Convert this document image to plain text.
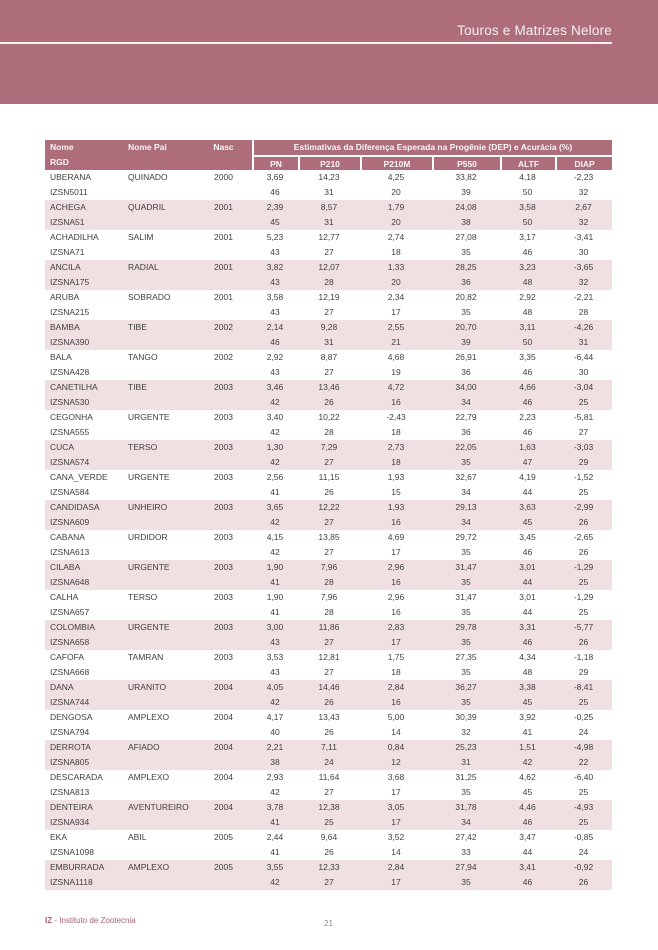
Touros e Matrizes Nelore
Nome	Nome Pai	Nasc	Estimativas da Diferença Esperada na Progênie (DEP) e Acurácia (%)
RGD	PN	P210	P210M	P550	ALTF	DIAP
UBERANA	QUINADO	2000	3,69	14,23	4,25	33,82	4,18	-2,23
IZSN5011	46	31	20	39	50	32
ACHEGA	QUADRIL	2001	2,39	8,57	1,79	24,08	3,58	2,67
IZSNA51	45	31	20	38	50	32
ACHADILHA	SALIM	2001	5,23	12,77	2,74	27,08	3,17	-3,41
IZSNA71	43	27	18	35	46	30
ANCILA	RADIAL	2001	3,82	12,07	1,33	28,25	3,23	-3,65
IZSNA175	43	28	20	36	48	32
ARUBA	SOBRADO	2001	3,58	12,19	2,34	20,82	2,92	-2,21
IZSNA215	43	27	17	35	48	28
BAMBA	TIBE	2002	2,14	9,28	2,55	20,70	3,11	-4,26
IZSNA390	46	31	21	39	50	31
BALA	TANGO	2002	2,92	8,87	4,68	26,91	3,35	-6,44
IZSNA428	43	27	19	36	46	30
CANETILHA	TIBE	2003	3,46	13,46	4,72	34,00	4,66	-3,04
IZSNA530	42	26	16	34	46	25
CEGONHA	URGENTE	2003	3,40	10,22	-2,43	22,79	2,23	-5,81
IZSNA555	42	28	18	36	46	27
CUCA	TERSO	2003	1,30	7,29	2,73	22,05	1,63	-3,03
IZSNA574	42	27	18	35	47	29
CANA_VERDE	URGENTE	2003	2,56	11,15	1,93	32,67	4,19	-1,52
IZSNA584	41	26	15	34	44	25
CANDIDASA	UNHEIRO	2003	3,65	12,22	1,93	29,13	3,63	-2,99
IZSNA609	42	27	16	34	45	26
CABANA	URDIDOR	2003	4,15	13,85	4,69	29,72	3,45	-2,65
IZSNA613	42	27	17	35	46	26
CILABA	URGENTE	2003	1,90	7,96	2,96	31,47	3,01	-1,29
IZSNA648	41	28	16	35	44	25
CALHA	TERSO	2003	1,90	7,96	2,96	31,47	3,01	-1,29
IZSNA657	41	28	16	35	44	25
COLOMBIA	URGENTE	2003	3,00	11,86	2,83	29,78	3,31	-5,77
IZSNA658	43	27	17	35	46	26
CAFOFA	TAMRAN	2003	3,53	12,81	1,75	27,35	4,34	-1,18
IZSNA668	43	27	18	35	48	29
DANA	URANITO	2004	4,05	14,46	2,84	36,27	3,38	-8,41
IZSNA744	42	26	16	35	45	25
DENGOSA	AMPLEXO	2004	4,17	13,43	5,00	30,39	3,92	-0,25
IZSNA794	40	26	14	32	41	24
DERROTA	AFIADO	2004	2,21	7,11	0,84	25,23	1,51	-4,98
IZSNA805	38	24	12	31	42	22
DESCARADA	AMPLEXO	2004	2,93	11,64	3,68	31,25	4,62	-6,40
IZSNA813	42	27	17	35	45	25
DENTEIRA	AVENTUREIRO	2004	3,78	12,38	3,05	31,78	4,46	-4,93
IZSNA934	41	25	17	34	46	25
EKA	ABIL	2005	2,44	9,64	3,52	27,42	3,47	-0,85
IZSNA1098	41	26	14	33	44	24
EMBURRADA	AMPLEXO	2005	3,55	12,33	2,84	27,94	3,41	-0,92
IZSNA1118	42	27	17	35	46	26
IZ - Instituto de Zootecnia	21
